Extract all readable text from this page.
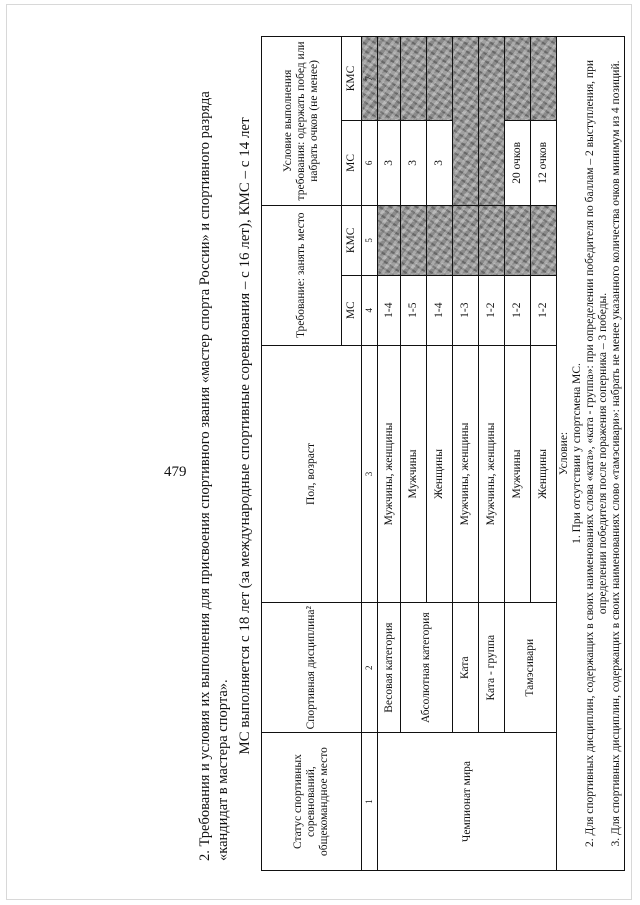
479 2. Требования и условия их выполнения для присвоения спортивного звания «мастер спорта России» и спортивного разряда «кандидат в мастера спорта».
МС выполняется с 18 лет (за международные спортивные соревнования – с 16 лет), КМС – с 14 лет
Статус спортивных соревнований, общекомандное место	Спортивная дисциплина²	Пол, возраст	Требование: занять место		Условие выполнения требования: одержать побед или набрать очков (не менее)	
			МС	КМС	МС	КМС
1	2	3	4	5	6	7
Чемпионат мира	Весовая категория	Мужчины, женщины	1-4		3	
	Абсолютная категория	Мужчины	1-5		3	
		Женщины	1-4		3	
	Ката	Мужчины, женщины	1-3			
	Ката - группа	Мужчины, женщины	1-2			
	Тамэсивари	Мужчины	1-2		20 очков	
		Женщины	1-2		12 очков	

Условие: 1. При отсутствии у спортсмена МС. 2. Для спортивных дисциплин, содержащих в своих наименованиях слова «ката», «ката - группа»: при определении победителя по баллам – 2 выступления, при определении победителя после поражения соперника – 3 победы. 3. Для спортивных дисциплин, содержащих в своих наименованиях слово «тамэсивари»: набрать не менее указанного количества очков минимум из 4 позиций.						
